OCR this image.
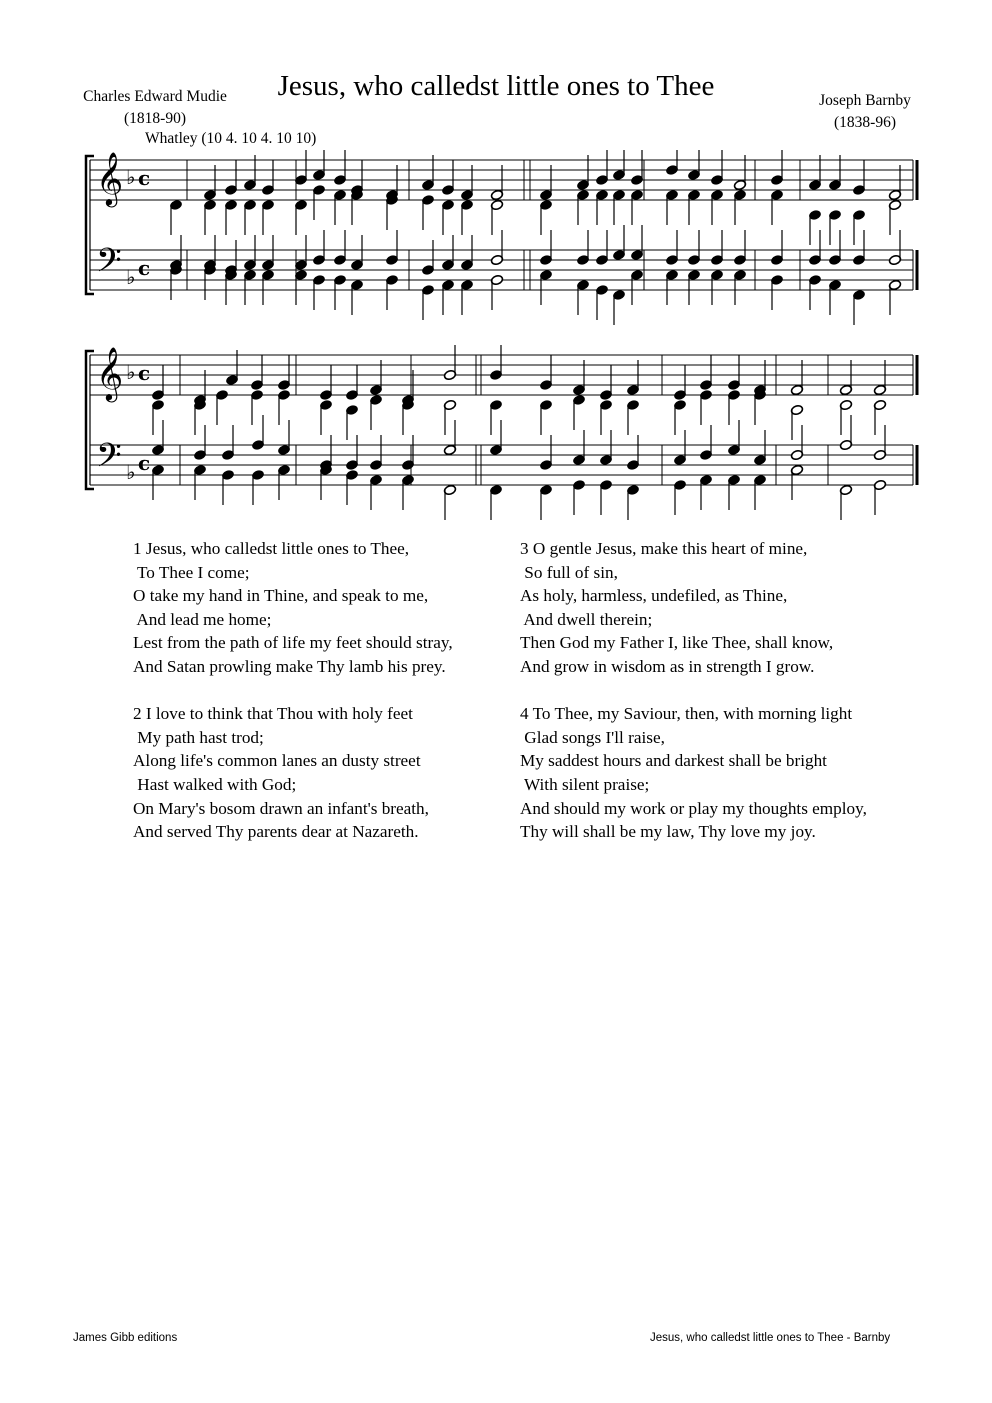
Jesus, who calledst little ones to Thee
Charles Edward Mudie
(1818-90)
Joseph Barnby
(1838-96)
Whatley (10 4. 10 4. 10 10)
𝄞
𝄢
♭
♭
c
c
𝄞
𝄢
♭
♭
c
c
1 Jesus, who calledst little ones to Thee,
To Thee I come;
O take my hand in Thine, and speak to me,
And lead me home;
Lest from the path of life my feet should stray,
And Satan prowling make Thy lamb his prey.
2 I love to think that Thou with holy feet
My path hast trod;
Along life's common lanes an dusty street
Hast walked with God;
On Mary's bosom drawn an infant's breath,
And served Thy parents dear at Nazareth.
3 O gentle Jesus, make this heart of mine,
So full of sin,
As holy, harmless, undefiled, as Thine,
And dwell therein;
Then God my Father I, like Thee, shall know,
And grow in wisdom as in strength I grow.
4 To Thee, my Saviour, then, with morning light
Glad songs I'll raise,
My saddest hours and darkest shall be bright
With silent praise;
And should my work or play my thoughts employ,
Thy will shall be my law, Thy love my joy.
James Gibb editions	Jesus, who calledst little ones to Thee - Barnby
